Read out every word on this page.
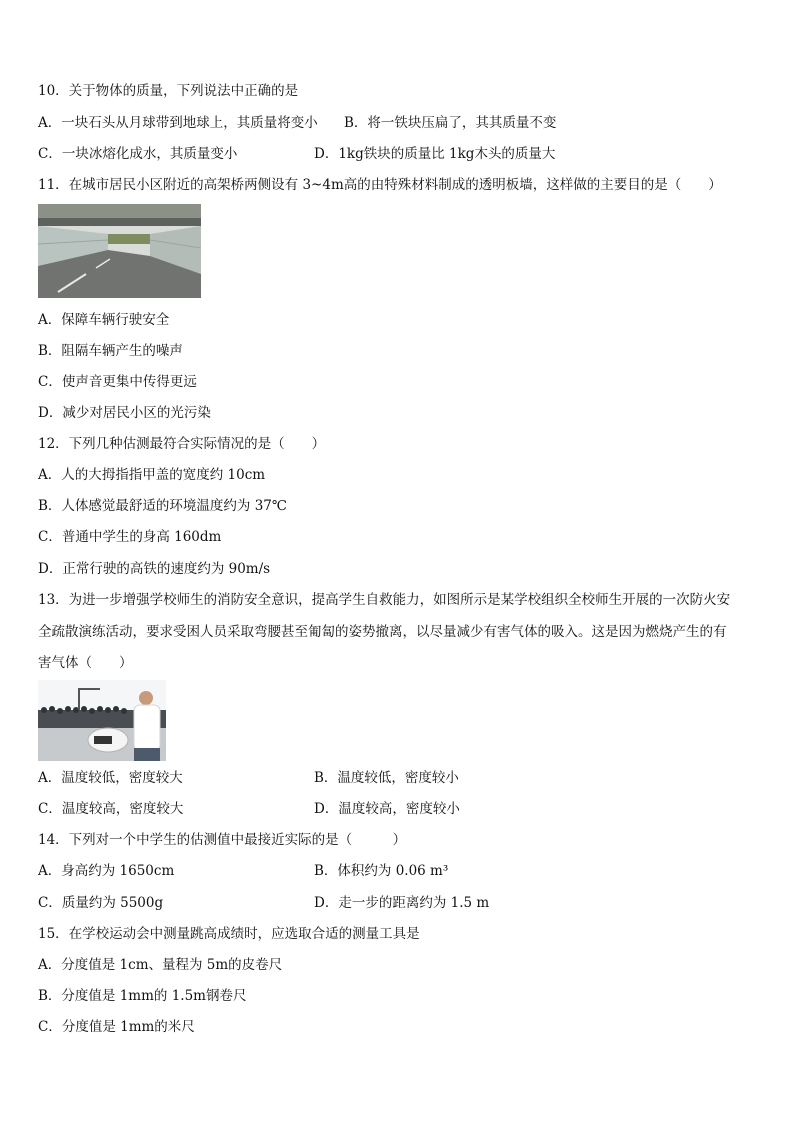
10．关于物体的质量，下列说法中正确的是
A．一块石头从月球带到地球上，其质量将变小 B．将一铁块压扁了，其其质量不变
C．一块冰熔化成水，其质量变小	D．1kg铁块的质量比 1kg木头的质量大
11．在城市居民小区附近的高架桥两侧设有 3~4m高的由特殊材料制成的透明板墙，这样做的主要目的是（　　）
A．保障车辆行驶安全
B．阻隔车辆产生的噪声
C．使声音更集中传得更远
D．减少对居民小区的光污染
12．下列几种估测最符合实际情况的是（　　）
A．人的大拇指指甲盖的宽度约 10cm
B．人体感觉最舒适的环境温度约为 37℃
C．普通中学生的身高 160dm
D．正常行驶的高铁的速度约为 90m/s
13．为进一步增强学校师生的消防安全意识，提高学生自救能力，如图所示是某学校组织全校师生开展的一次防火安
全疏散演练活动，要求受困人员采取弯腰甚至匍匐的姿势撤离，以尽量减少有害气体的吸入。这是因为燃烧产生的有
害气体（　　）
A．温度较低，密度较大	B．温度较低，密度较小
C．温度较高，密度较大	D．温度较高，密度较小
14．下列对一个中学生的估测值中最接近实际的是（　　　）
A．身高约为 1650cm	B．体积约为 0.06 m³
C．质量约为 5500g	D．走一步的距离约为 1.5 m
15．在学校运动会中测量跳高成绩时，应选取合适的测量工具是
A．分度值是 1cm、量程为 5m的皮卷尺
B．分度值是 1mm的 1.5m钢卷尺
C．分度值是 1mm的米尺
